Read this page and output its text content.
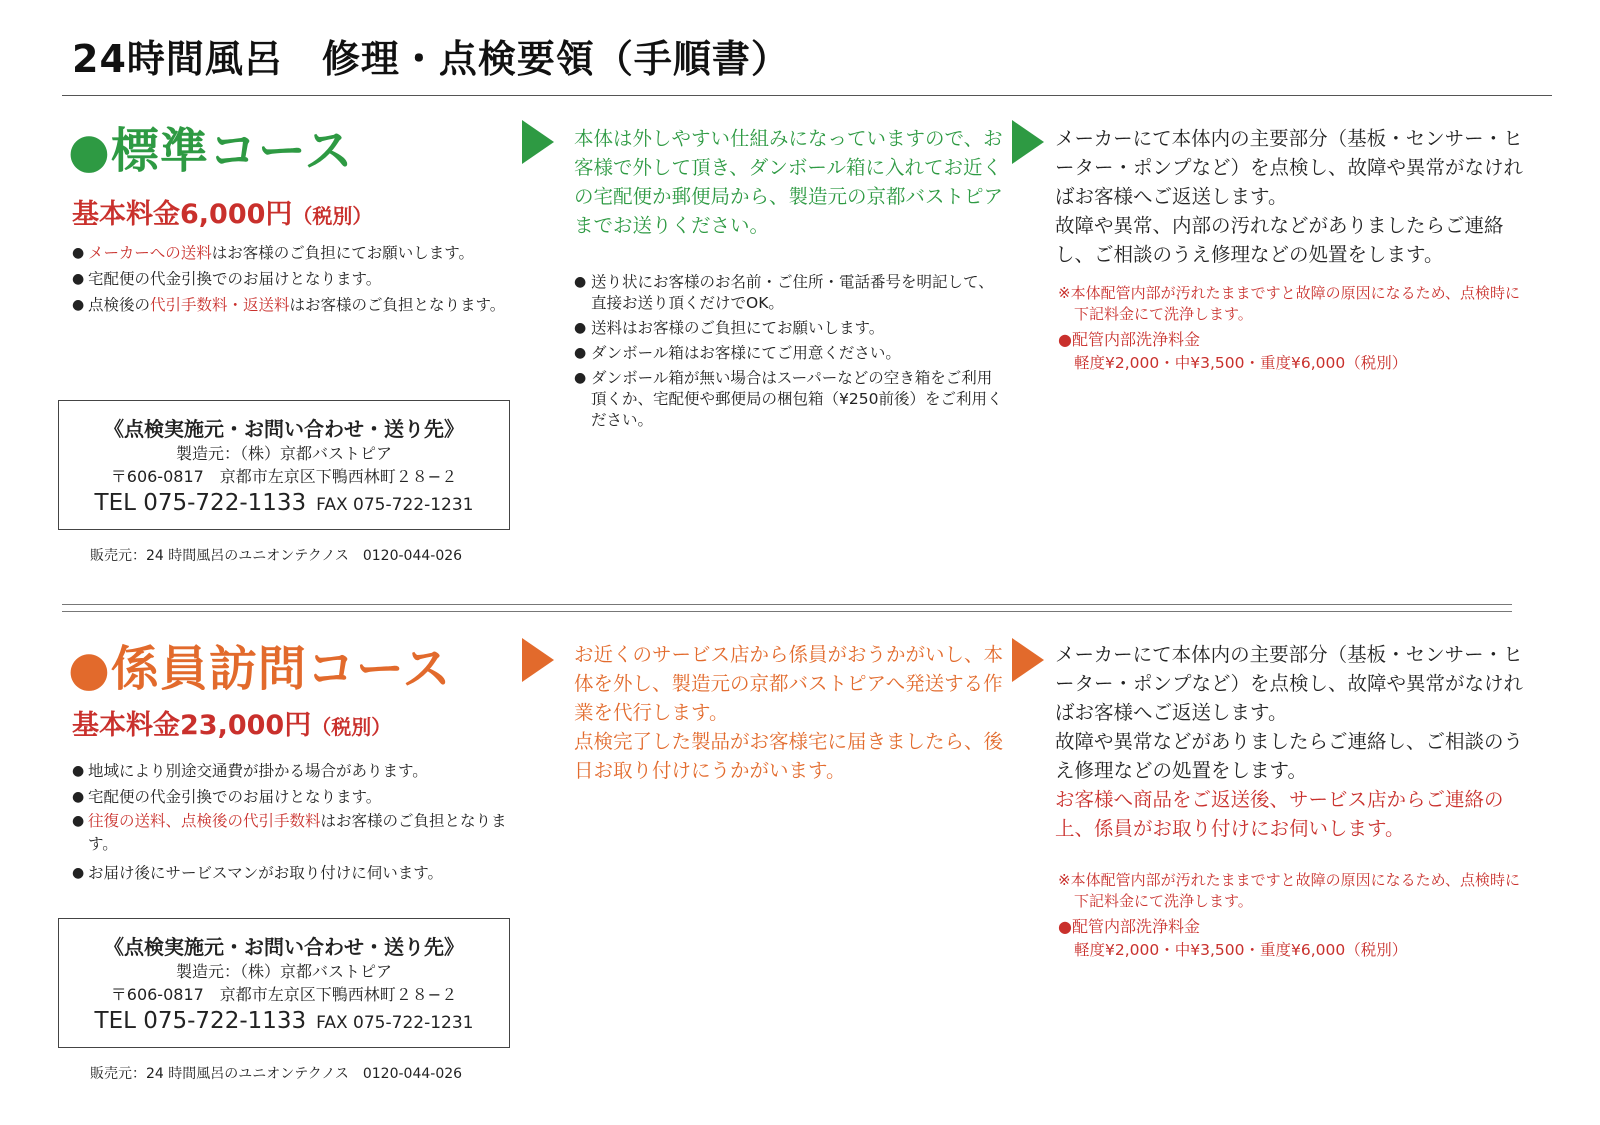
24時間風呂　修理・点検要領（手順書）
●標準コース
基本料金6,000円（税別）
● メーカーへの送料はお客様のご負担にてお願いします。
● 宅配便の代金引換でのお届けとなります。
● 点検後の代引手数料・返送料はお客様のご負担となります。
《点検実施元・お問い合わせ・送り先》
製造元：（株）京都バストピア
〒606-0817　京都市左京区下鴨西林町２８−２
TEL 075-722-1133 FAX 075-722-1231
販売元：24 時間風呂のユニオンテクノス　0120-044-026
本体は外しやすい仕組みになっていますので、お客様で外して頂き、ダンボール箱に入れてお近くの宅配便か郵便局から、製造元の京都バストピアまでお送りください。
● 送り状にお客様のお名前・ご住所・電話番号を明記して、直接お送り頂くだけでOK。
● 送料はお客様のご負担にてお願いします。
● ダンボール箱はお客様にてご用意ください。
● ダンボール箱が無い場合はスーパーなどの空き箱をご利用頂くか、宅配便や郵便局の梱包箱（¥250前後）をご利用ください。
メーカーにて本体内の主要部分（基板・センサー・ヒーター・ポンプなど）を点検し、故障や異常がなければお客様へご返送します。
故障や異常、内部の汚れなどがありましたらご連絡し、ご相談のうえ修理などの処置をします。
※本体配管内部が汚れたままですと故障の原因になるため、点検時に下記料金にて洗浄します。
●配管内部洗浄料金
軽度¥2,000・中¥3,500・重度¥6,000（税別）
●係員訪問コース
基本料金23,000円（税別）
● 地域により別途交通費が掛かる場合があります。
● 宅配便の代金引換でのお届けとなります。
● 往復の送料、点検後の代引手数料はお客様のご負担となります。
● お届け後にサービスマンがお取り付けに伺います。
《点検実施元・お問い合わせ・送り先》
製造元：（株）京都バストピア
〒606-0817　京都市左京区下鴨西林町２８−２
TEL 075-722-1133 FAX 075-722-1231
販売元：24 時間風呂のユニオンテクノス　0120-044-026
お近くのサービス店から係員がおうかがいし、本体を外し、製造元の京都バストピアへ発送する作業を代行します。
点検完了した製品がお客様宅に届きましたら、後日お取り付けにうかがいます。
メーカーにて本体内の主要部分（基板・センサー・ヒーター・ポンプなど）を点検し、故障や異常がなければお客様へご返送します。
故障や異常などがありましたらご連絡し、ご相談のうえ修理などの処置をします。
お客様へ商品をご返送後、サービス店からご連絡の上、係員がお取り付けにお伺いします。
※本体配管内部が汚れたままですと故障の原因になるため、点検時に下記料金にて洗浄します。
●配管内部洗浄料金
軽度¥2,000・中¥3,500・重度¥6,000（税別）
